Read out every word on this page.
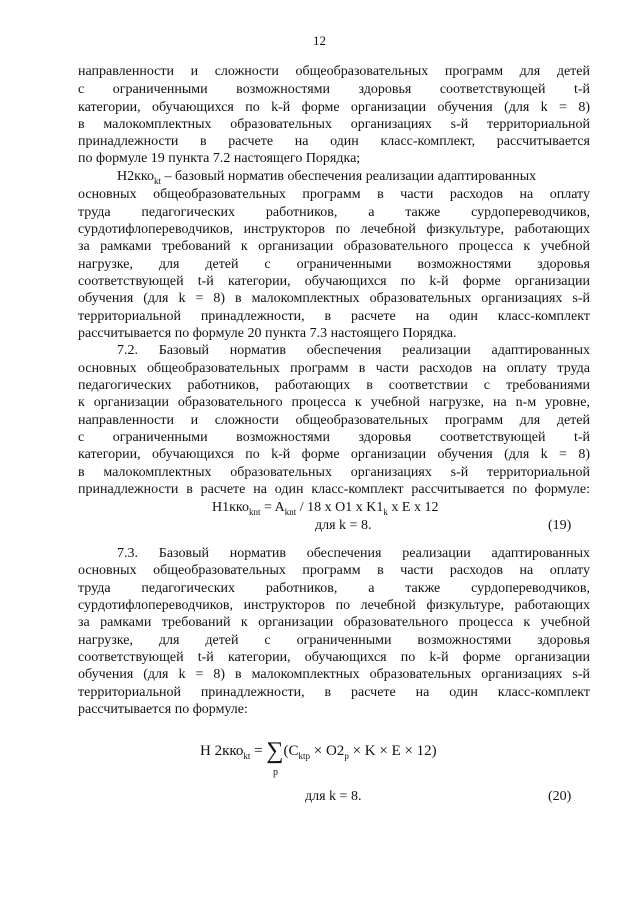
12
направленности и сложности общеобразовательных программ для детей
с ограниченными возможностями здоровья соответствующей t-й
категории, обучающихся по k-й форме организации обучения (для k = 8)
в малокомплектных образовательных организациях s-й территориальной
принадлежности в расчете на один класс-комплект, рассчитывается
по формуле 19 пункта 7.2 настоящего Порядка;
H2кко$_{kt}$ – базовый норматив обеспечения реализации адаптированных
основных общеобразовательных программ в части расходов на оплату
труда педагогических работников, а также сурдопереводчиков,
сурдотифлопереводчиков, инструкторов по лечебной физкультуре, работающих
за рамками требований к организации образовательного процесса к учебной
нагрузке, для детей с ограниченными возможностями здоровья
соответствующей t-й категории, обучающихся по k-й форме организации
обучения (для k = 8) в малокомплектных образовательных организациях s-й
территориальной принадлежности, в расчете на один класс-комплект
рассчитывается по формуле 20 пункта 7.3 настоящего Порядка.
7.2. Базовый норматив обеспечения реализации адаптированных
основных общеобразовательных программ в части расходов на оплату труда
педагогических работников, работающих в соответствии с требованиями
к организации образовательного процесса к учебной нагрузке, на n-м уровне,
направленности и сложности общеобразовательных программ для детей
с ограниченными возможностями здоровья соответствующей t-й
категории, обучающихся по k-й форме организации обучения (для k = 8)
в малокомплектных образовательных организациях s-й территориальной
принадлежности в расчете на один класс-комплект рассчитывается по формуле:
$H1кко_{knt} = A_{knt} / 18$ x O1 x $K1_k$ x E x 12
для k = 8.	(19)
7.3. Базовый норматив обеспечения реализации адаптированных
основных общеобразовательных программ в части расходов на оплату
труда педагогических работников, а также сурдопереводчиков,
сурдотифлопереводчиков, инструкторов по лечебной физкультуре, работающих
за рамками требований к организации образовательного процесса к учебной
нагрузке, для детей с ограниченными возможностями здоровья
соответствующей t-й категории, обучающихся по k-й форме организации
обучения (для k = 8) в малокомплектных образовательных организациях s-й
территориальной принадлежности, в расчете на один класс-комплект
рассчитывается по формуле:
H $2кко_{kt} = \sum(C_{ktp} \times O2_p \times K \times E \times 12)$
p
для k = 8.	(20)
